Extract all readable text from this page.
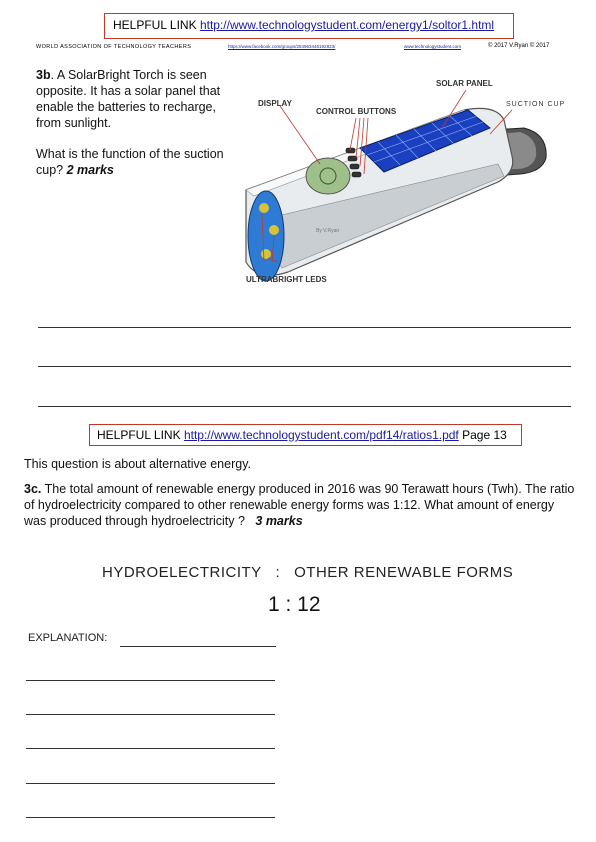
HELPFUL LINK http://www.technologystudent.com/energy1/soltor1.html
WORLD ASSOCIATION OF TECHNOLOGY TEACHERS	https://www.facebook.com/groups/254963448192823/	www.technologystudent.com	© 2017 V.Ryan © 2017
3b. A SolarBright Torch is seen opposite. It has a solar panel that enable the batteries to recharge, from sunlight.
What is the function of the suction cup? 2 marks
By V.Ryan
DISPLAY
CONTROL BUTTONS
SOLAR PANEL
SUCTION CUP
ULTRABRIGHT LEDS
HELPFUL LINK http://www.technologystudent.com/pdf14/ratios1.pdf Page 13
This question is about alternative energy.
3c. The total amount of renewable energy produced in 2016 was 90 Terawatt hours (Twh). The ratio of hydroelectricity compared to other renewable energy forms was 1:12. What amount of energy was produced through hydroelectricity ? 3 marks
HYDROELECTRICITY : OTHER RENEWABLE FORMS
1 : 12
EXPLANATION:
